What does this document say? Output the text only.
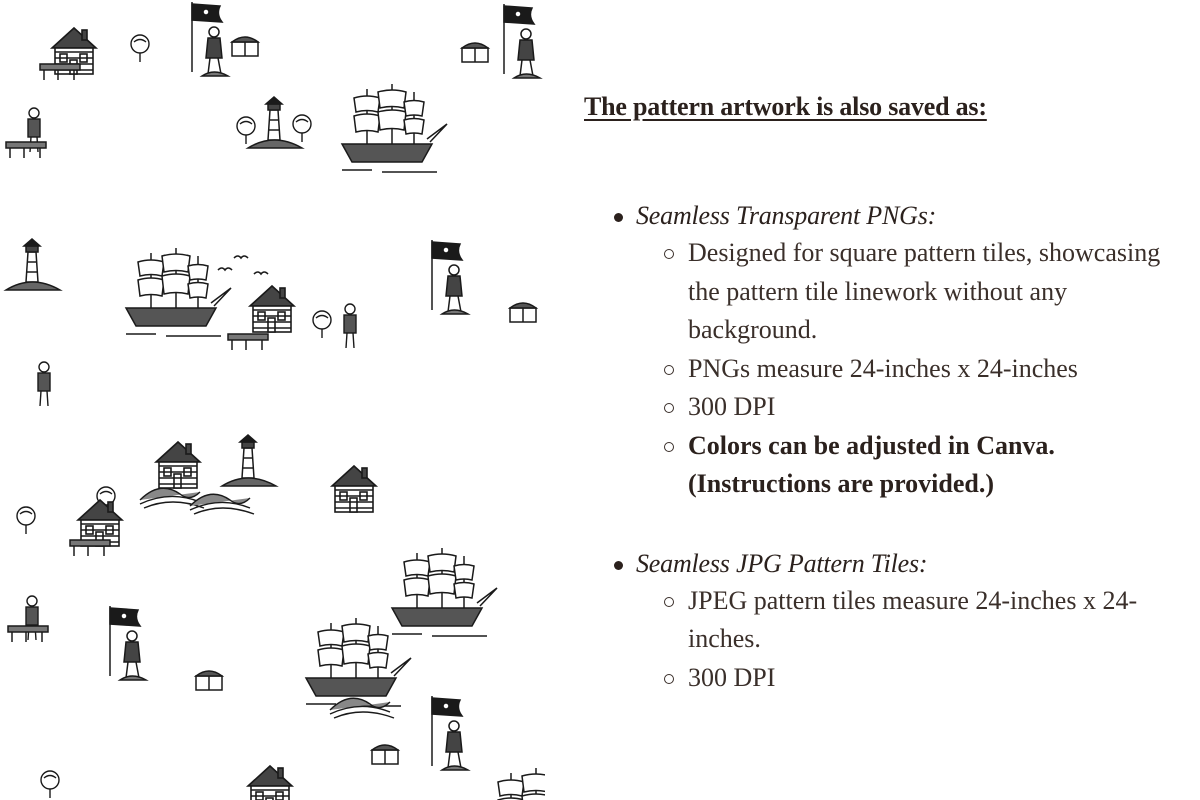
The pattern artwork is also saved as:
Seamless Transparent PNGs:
Designed for square pattern tiles, showcasing the pattern tile linework without any background.
PNGs measure 24-inches x 24-inches
300 DPI
Colors can be adjusted in Canva. (Instructions are provided.)
Seamless JPG Pattern Tiles:
JPEG pattern tiles measure 24-inches x 24-inches.
300 DPI
